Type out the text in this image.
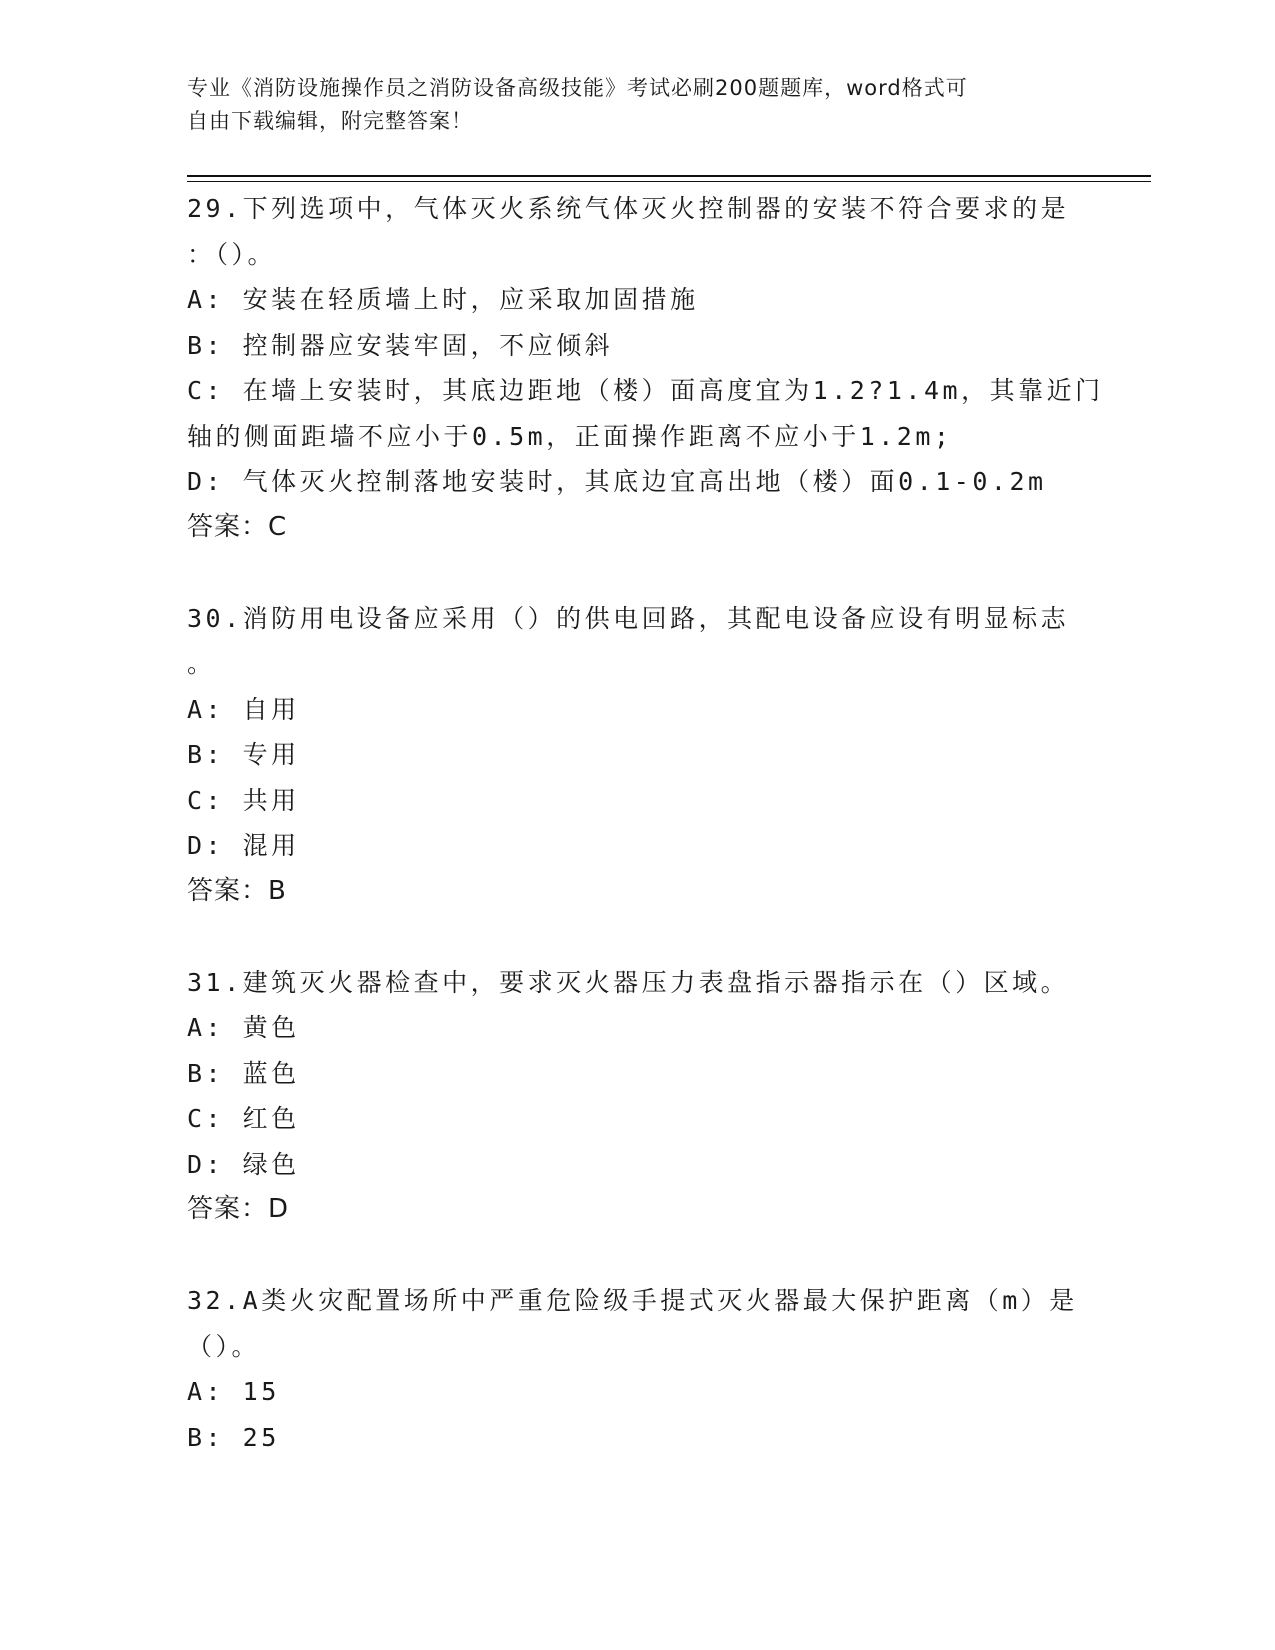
专业《消防设施操作员之消防设备高级技能》考试必刷200题题库，word格式可
自由下载编辑，附完整答案！
29.下列选项中，气体灭火系统气体灭火控制器的安装不符合要求的是
：（）。
A: 安装在轻质墙上时，应采取加固措施
B: 控制器应安装牢固，不应倾斜
C: 在墙上安装时，其底边距地（楼）面高度宜为1.2?1.4m，其靠近门
轴的侧面距墙不应小于0.5m，正面操作距离不应小于1.2m;
D: 气体灭火控制落地安装时，其底边宜高出地（楼）面0.1-0.2m
答案：C
30.消防用电设备应采用（）的供电回路，其配电设备应设有明显标志
。
A: 自用
B: 专用
C: 共用
D: 混用
答案：B
31.建筑灭火器检查中，要求灭火器压力表盘指示器指示在（）区域。
A: 黄色
B: 蓝色
C: 红色
D: 绿色
答案：D
32.A类火灾配置场所中严重危险级手提式灭火器最大保护距离（m）是
（）。
A: 15
B: 25
